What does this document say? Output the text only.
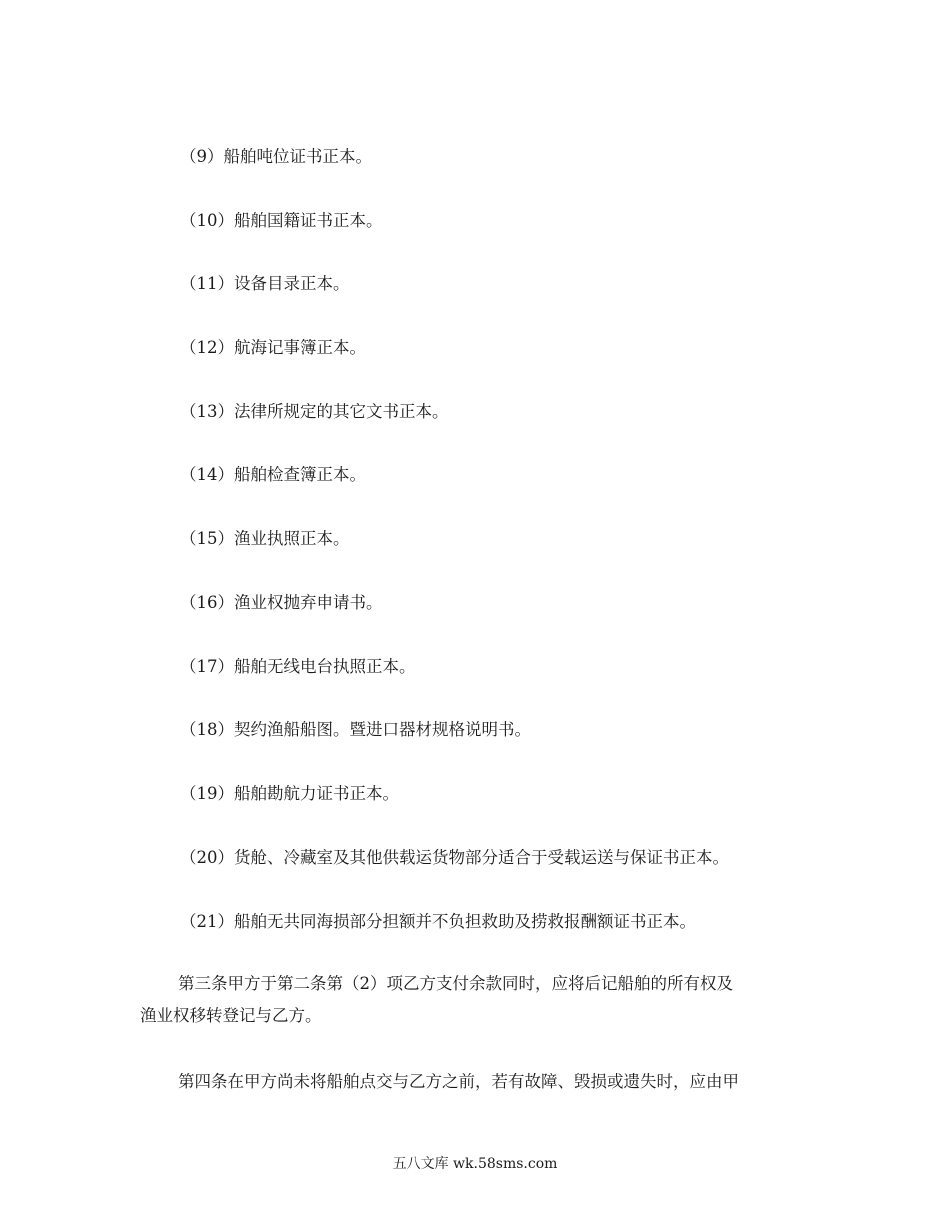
（9）船舶吨位证书正本。
（10）船舶国籍证书正本。
（11）设备目录正本。
（12）航海记事簿正本。
（13）法律所规定的其它文书正本。
（14）船舶检查簿正本。
（15）渔业执照正本。
（16）渔业权抛弃申请书。
（17）船舶无线电台执照正本。
（18）契约渔船船图。暨进口器材规格说明书。
（19）船舶勘航力证书正本。
（20）货舱、冷藏室及其他供载运货物部分适合于受载运送与保证书正本。
（21）船舶无共同海损部分担额并不负担救助及捞救报酬额证书正本。
第三条甲方于第二条第（2）项乙方支付余款同时，应将后记船舶的所有权及
渔业权移转登记与乙方。
第四条在甲方尚未将船舶点交与乙方之前，若有故障、毁损或遗失时，应由甲
五八文库 wk.58sms.com
